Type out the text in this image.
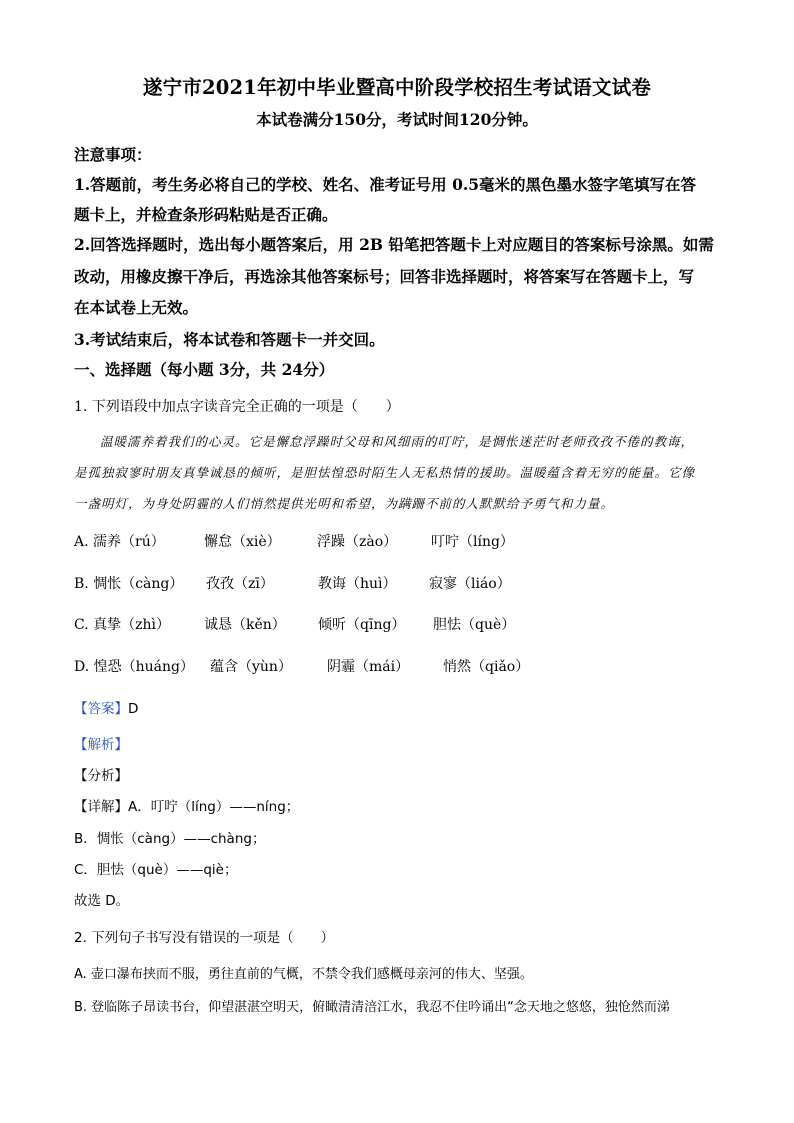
遂宁市2021年初中毕业暨高中阶段学校招生考试语文试卷
本试卷满分150分，考试时间120分钟。
注意事项：
1.答题前，考生务必将自己的学校、姓名、准考证号用 0.5毫米的黑色墨水签字笔填写在答
题卡上，并检查条形码粘贴是否正确。
2.回答选择题时，选出每小题答案后，用 2B 铅笔把答题卡上对应题目的答案标号涂黑。如需
改动，用橡皮擦干净后，再选涂其他答案标号；回答非选择题时，将答案写在答题卡上，写
在本试卷上无效。
3.考试结束后，将本试卷和答题卡一并交回。
一、选择题（每小题 3分，共 24分）
1. 下列语段中加点字读音完全正确的一项是（　　）
温暖濡养着我们的心灵。它是懈怠浮躁时父母和风细雨的叮咛，是惆怅迷茫时老师孜孜不倦的教诲，
是孤独寂寥时朋友真挚诚恳的倾听，是胆怯惶恐时陌生人无私热情的援助。温暖蕴含着无穷的能量。它像
一盏明灯，为身处阴霾的人们悄然提供光明和希望，为蹒跚不前的人默默给予勇气和力量。
A. 濡养（rú）	懈怠（xiè）	浮躁（zào） 叮咛（líng）
B. 惆怅（càng） 孜孜（zī）	教诲（huì） 寂寥（liáo）
C. 真挚（zhì） 诚恳（kěn） 倾听（qīng） 胆怯（què）
D. 惶恐（huáng） 蕴含（yùn）	阴霾（mái） 悄然（qiǎo）
【答案】D
【解析】
【分析】
【详解】A．叮咛（líng）——níng；
B．惆怅（càng）——chàng；
C．胆怯（què）——qiè；
故选 D。
2. 下列句子书写没有错误的一项是（　　）
A. 壶口瀑布挟而不服，勇往直前的气概，不禁令我们感概母亲河的伟大、坚强。
B. 登临陈子昂读书台，仰望湛湛空明天，俯瞰清清涪江水，我忍不住吟诵出“念天地之悠悠，独怆然而涕
